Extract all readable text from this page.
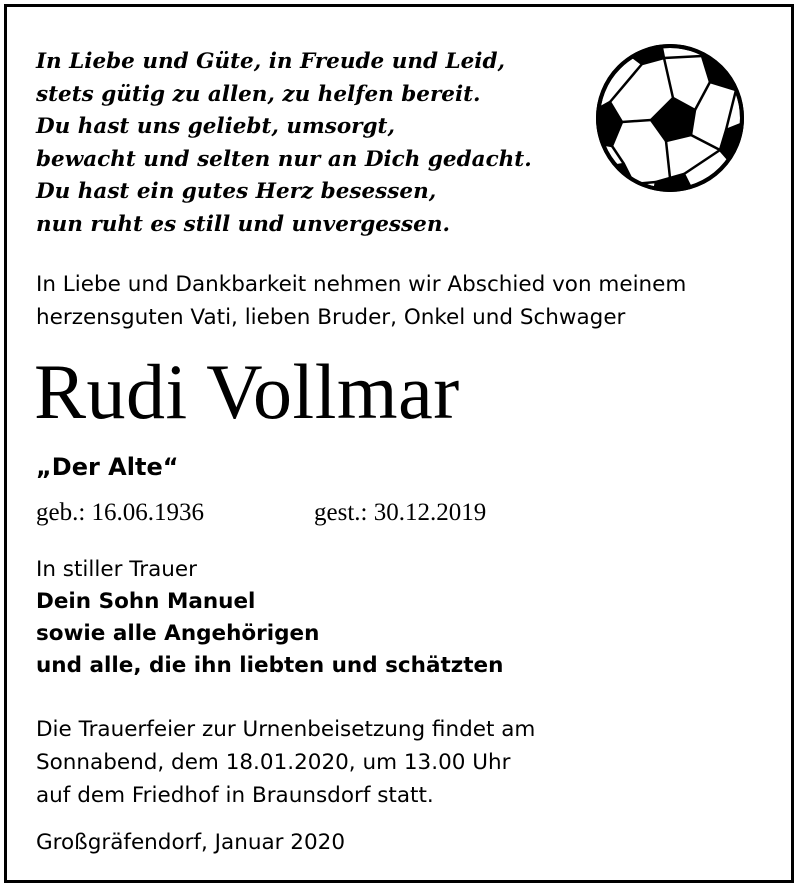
In Liebe und Güte, in Freude und Leid,
stets gütig zu allen, zu helfen bereit.
Du hast uns geliebt, umsorgt,
bewacht und selten nur an Dich gedacht.
Du hast ein gutes Herz besessen,
nun ruht es still und unvergessen.
In Liebe und Dankbarkeit nehmen wir Abschied von meinem
herzensguten Vati, lieben Bruder, Onkel und Schwager
Rudi Vollmar
„Der Alte“
geb.: 16.06.1936	gest.: 30.12.2019
In stiller Trauer
Dein Sohn Manuel
sowie alle Angehörigen
und alle, die ihn liebten und schätzten
Die Trauerfeier zur Urnenbeisetzung findet am
Sonnabend, dem 18.01.2020, um 13.00 Uhr
auf dem Friedhof in Braunsdorf statt.
Großgräfendorf, Januar 2020
